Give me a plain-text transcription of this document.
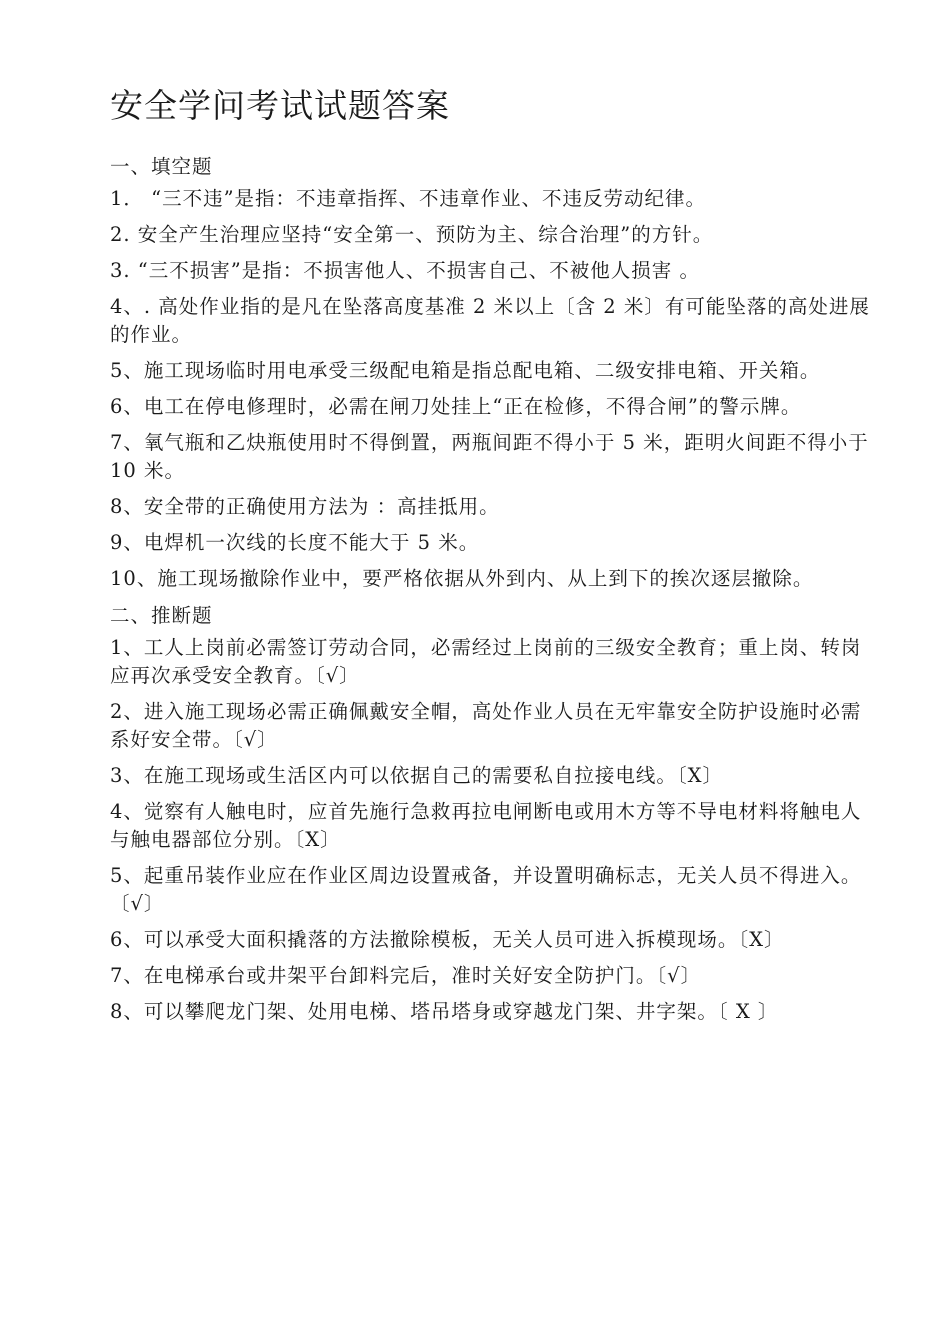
安全学问考试试题答案
一、填空题

1． “三不违”是指：不违章指挥、不违章作业、不违反劳动纪律。

2. 安全产生治理应坚持“安全第一、预防为主、综合治理”的方针。

3. “三不损害”是指：不损害他人、不损害自己、不被他人损害 。

4、. 高处作业指的是凡在坠落高度基准 2 米以上〔含 2 米〕有可能坠落的高处进展的作业。

5、施工现场临时用电承受三级配电箱是指总配电箱、二级安排电箱、开关箱。

6、电工在停电修理时，必需在闸刀处挂上“正在检修，不得合闸”的警示牌。

7、氧气瓶和乙炔瓶使用时不得倒置，两瓶间距不得小于 5 米，距明火间距不得小于 10 米。

8、安全带的正确使用方法为 ：高挂抵用。

9、电焊机一次线的长度不能大于 5 米。

10、施工现场撤除作业中，要严格依据从外到内、从上到下的挨次逐层撤除。

二、推断题

1、工人上岗前必需签订劳动合同，必需经过上岗前的三级安全教育；重上岗、转岗应再次承受安全教育。〔√〕

2、进入施工现场必需正确佩戴安全帽，高处作业人员在无牢靠安全防护设施时必需系好安全带。〔√〕

3、在施工现场或生活区内可以依据自己的需要私自拉接电线。〔X〕

4、觉察有人触电时，应首先施行急救再拉电闸断电或用木方等不导电材料将触电人与触电器部位分别。〔X〕

5、起重吊装作业应在作业区周边设置戒备，并设置明确标志，无关人员不得进入。〔√〕

6、可以承受大面积撬落的方法撤除模板，无关人员可进入拆模现场。〔X〕

7、在电梯承台或井架平台卸料完后，准时关好安全防护门。〔√〕

8、可以攀爬龙门架、处用电梯、塔吊塔身或穿越龙门架、井字架。〔 X 〕
